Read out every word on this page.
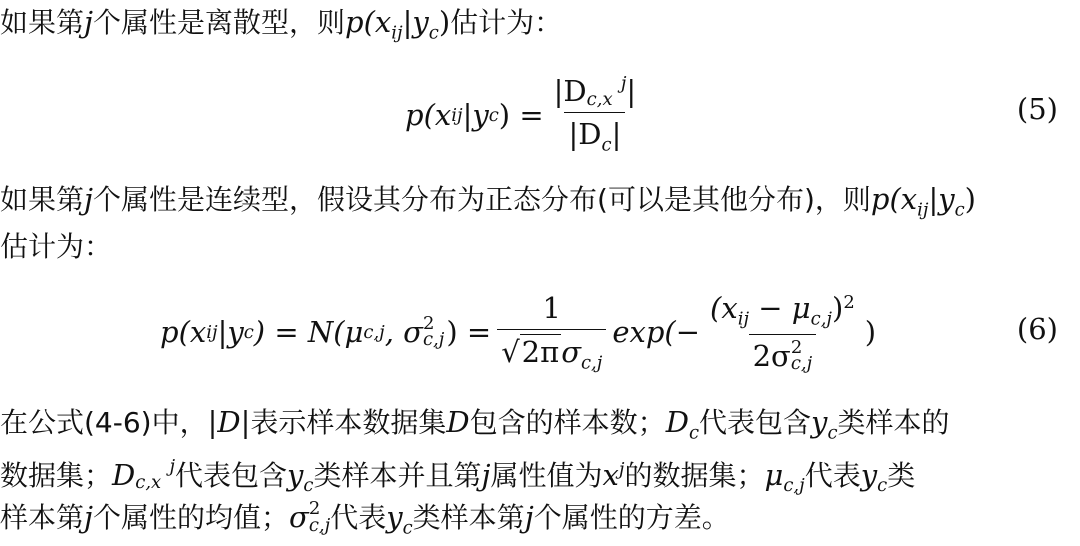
如果第j个属性是离散型，则$p(x_{ij}|y_c)$估计为：
p(x ij |y c ) = |D j
c,x |
$|D_c|$	(5)
如果第j个属性是连续型，假设其分布为正态分布(可以是其他分布)，则$p(x_{ij}|y_c)$
估计为：
p(x ij |y c ) = N(μ c,j , σ 2
c,j ) = $\frac{1}{√ 2\pi \sigma_{c,j}} \exp(- (x_{ij} - \mu_{c,j})^2$
2σ 2
c,j )	(6)
在公式(4-6)中，|D|表示样本数据集D包含的样本数；$D_c$代表包含$y_c$类样本的
数据集；D j
c,x 代表包含$y_c$类样本并且第j属性值为$x^j$的数据集；$\mu_{c,j}$代表$y_c$类
样本第j个属性的均值；σ 2
c,j 代表$y_c$类样本第j个属性的方差。
